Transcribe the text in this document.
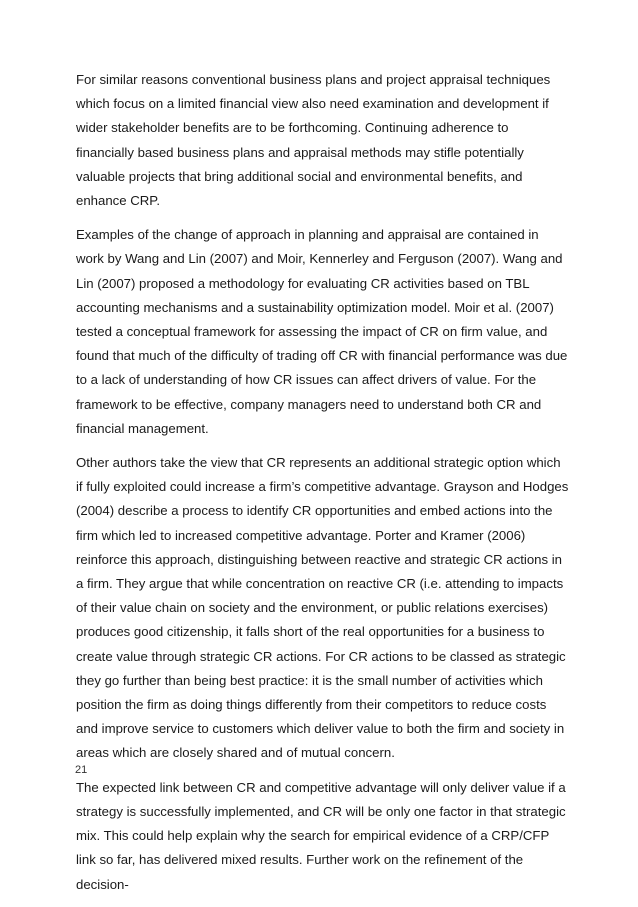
For similar reasons conventional business plans and project appraisal techniques which focus on a limited financial view also need examination and development if wider stakeholder benefits are to be forthcoming. Continuing adherence to financially based business plans and appraisal methods may stifle potentially valuable projects that bring additional social and environmental benefits, and enhance CRP.

Examples of the change of approach in planning and appraisal are contained in work by Wang and Lin (2007) and Moir, Kennerley and Ferguson (2007). Wang and Lin (2007) proposed a methodology for evaluating CR activities based on TBL accounting mechanisms and a sustainability optimization model. Moir et al. (2007) tested a conceptual framework for assessing the impact of CR on firm value, and found that much of the difficulty of trading off CR with financial performance was due to a lack of understanding of how CR issues can affect drivers of value. For the framework to be effective, company managers need to understand both CR and financial management.

Other authors take the view that CR represents an additional strategic option which if fully exploited could increase a firm’s competitive advantage. Grayson and Hodges (2004) describe a process to identify CR opportunities and embed actions into the firm which led to increased competitive advantage. Porter and Kramer (2006) reinforce this approach, distinguishing between reactive and strategic CR actions in a firm. They argue that while concentration on reactive CR (i.e. attending to impacts of their value chain on society and the environment, or public relations exercises) produces good citizenship, it falls short of the real opportunities for a business to create value through strategic CR actions. For CR actions to be classed as strategic they go further than being best practice: it is the small number of activities which position the firm as doing things differently from their competitors to reduce costs and improve service to customers which deliver value to both the firm and society in areas which are closely shared and of mutual concern.

The expected link between CR and competitive advantage will only deliver value if a strategy is successfully implemented, and CR will be only one factor in that strategic mix. This could help explain why the search for empirical evidence of a CRP/CFP link so far, has delivered mixed results. Further work on the refinement of the decision-

21
